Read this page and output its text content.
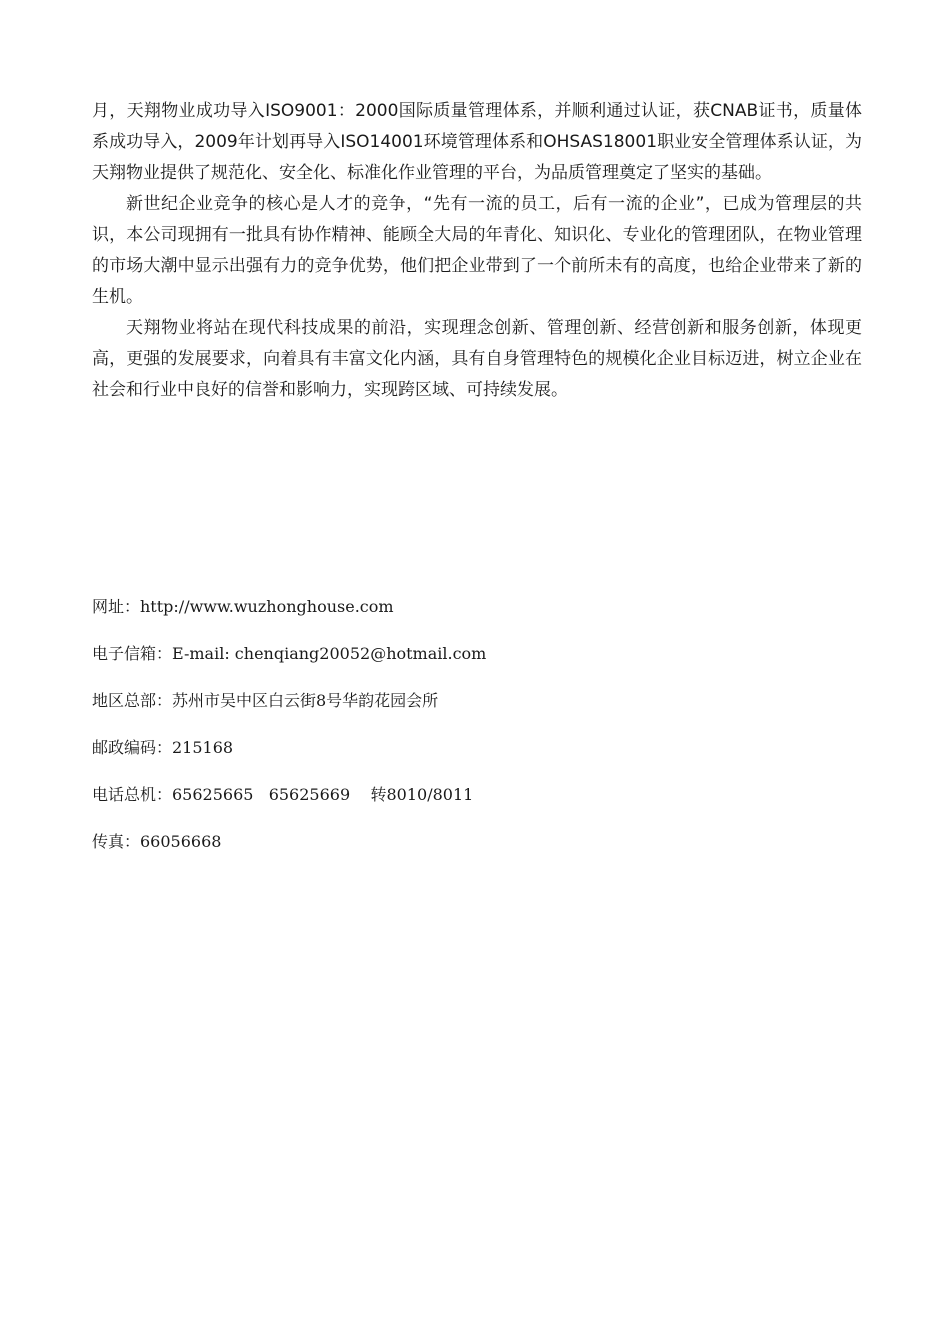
月，天翔物业成功导入ISO9001：2000国际质量管理体系，并顺利通过认证，获CNAB证书，质量体系成功导入，2009年计划再导入ISO14001环境管理体系和OHSAS18001职业安全管理体系认证，为天翔物业提供了规范化、安全化、标准化作业管理的平台，为品质管理奠定了坚实的基础。

新世纪企业竞争的核心是人才的竞争，“先有一流的员工，后有一流的企业”，已成为管理层的共识，本公司现拥有一批具有协作精神、能顾全大局的年青化、知识化、专业化的管理团队，在物业管理的市场大潮中显示出强有力的竞争优势，他们把企业带到了一个前所未有的高度，也给企业带来了新的生机。

天翔物业将站在现代科技成果的前沿，实现理念创新、管理创新、经营创新和服务创新，体现更高，更强的发展要求，向着具有丰富文化内涵，具有自身管理特色的规模化企业目标迈进，树立企业在社会和行业中良好的信誉和影响力，实现跨区域、可持续发展。

网址：http://www.wuzhonghouse.com
电子信箱：E-mail: chenqiang20052@hotmail.com
地区总部：苏州市吴中区白云街8号华韵花园会所
邮政编码：215168
电话总机：65625665   65625669    转8010/8011
传真：66056668
